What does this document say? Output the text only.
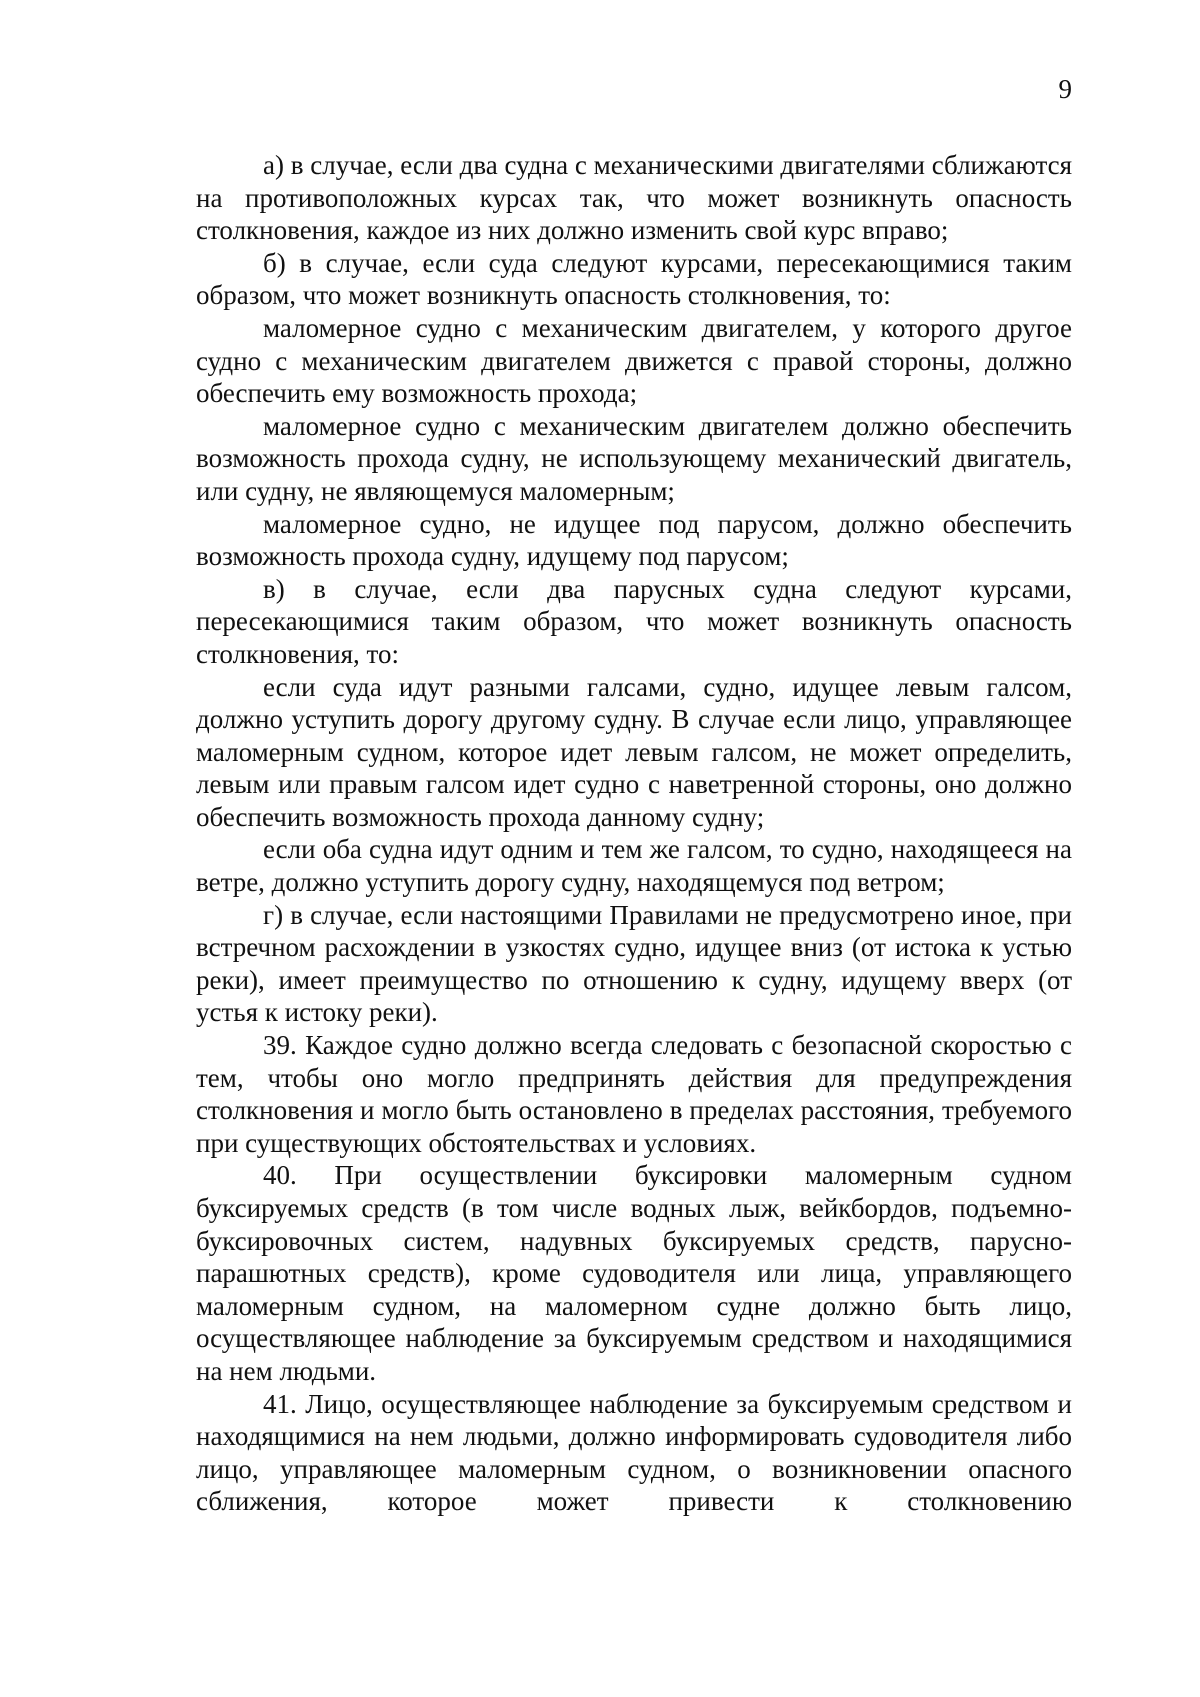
9

а) в случае, если два судна с механическими двигателями сближаются на противоположных курсах так, что может возникнуть опасность столкновения, каждое из них должно изменить свой курс вправо;

б) в случае, если суда следуют курсами, пересекающимися таким образом, что может возникнуть опасность столкновения, то:

маломерное судно с механическим двигателем, у которого другое судно с механическим двигателем движется с правой стороны, должно обеспечить ему возможность прохода;

маломерное судно с механическим двигателем должно обеспечить возможность прохода судну, не использующему механический двигатель, или судну, не являющемуся маломерным;

маломерное судно, не идущее под парусом, должно обеспечить возможность прохода судну, идущему под парусом;

в) в случае, если два парусных судна следуют курсами, пересекающимися таким образом, что может возникнуть опасность столкновения, то:

если суда идут разными галсами, судно, идущее левым галсом, должно уступить дорогу другому судну. В случае если лицо, управляющее маломерным судном, которое идет левым галсом, не может определить, левым или правым галсом идет судно с наветренной стороны, оно должно обеспечить возможность прохода данному судну;

если оба судна идут одним и тем же галсом, то судно, находящееся на ветре, должно уступить дорогу судну, находящемуся под ветром;

г) в случае, если настоящими Правилами не предусмотрено иное, при встречном расхождении в узкостях судно, идущее вниз (от истока к устью реки), имеет преимущество по отношению к судну, идущему вверх (от устья к истоку реки).

39. Каждое судно должно всегда следовать с безопасной скоростью с тем, чтобы оно могло предпринять действия для предупреждения столкновения и могло быть остановлено в пределах расстояния, требуемого при существующих обстоятельствах и условиях.

40. При осуществлении буксировки маломерным судном буксируемых средств (в том числе водных лыж, вейкбордов, подъемно-буксировочных систем, надувных буксируемых средств, парусно-парашютных средств), кроме судоводителя или лица, управляющего маломерным судном, на маломерном судне должно быть лицо, осуществляющее наблюдение за буксируемым средством и находящимися на нем людьми.

41. Лицо, осуществляющее наблюдение за буксируемым средством и находящимися на нем людьми, должно информировать судоводителя либо лицо, управляющее маломерным судном, о возникновении опасного сближения, которое может привести к столкновению
